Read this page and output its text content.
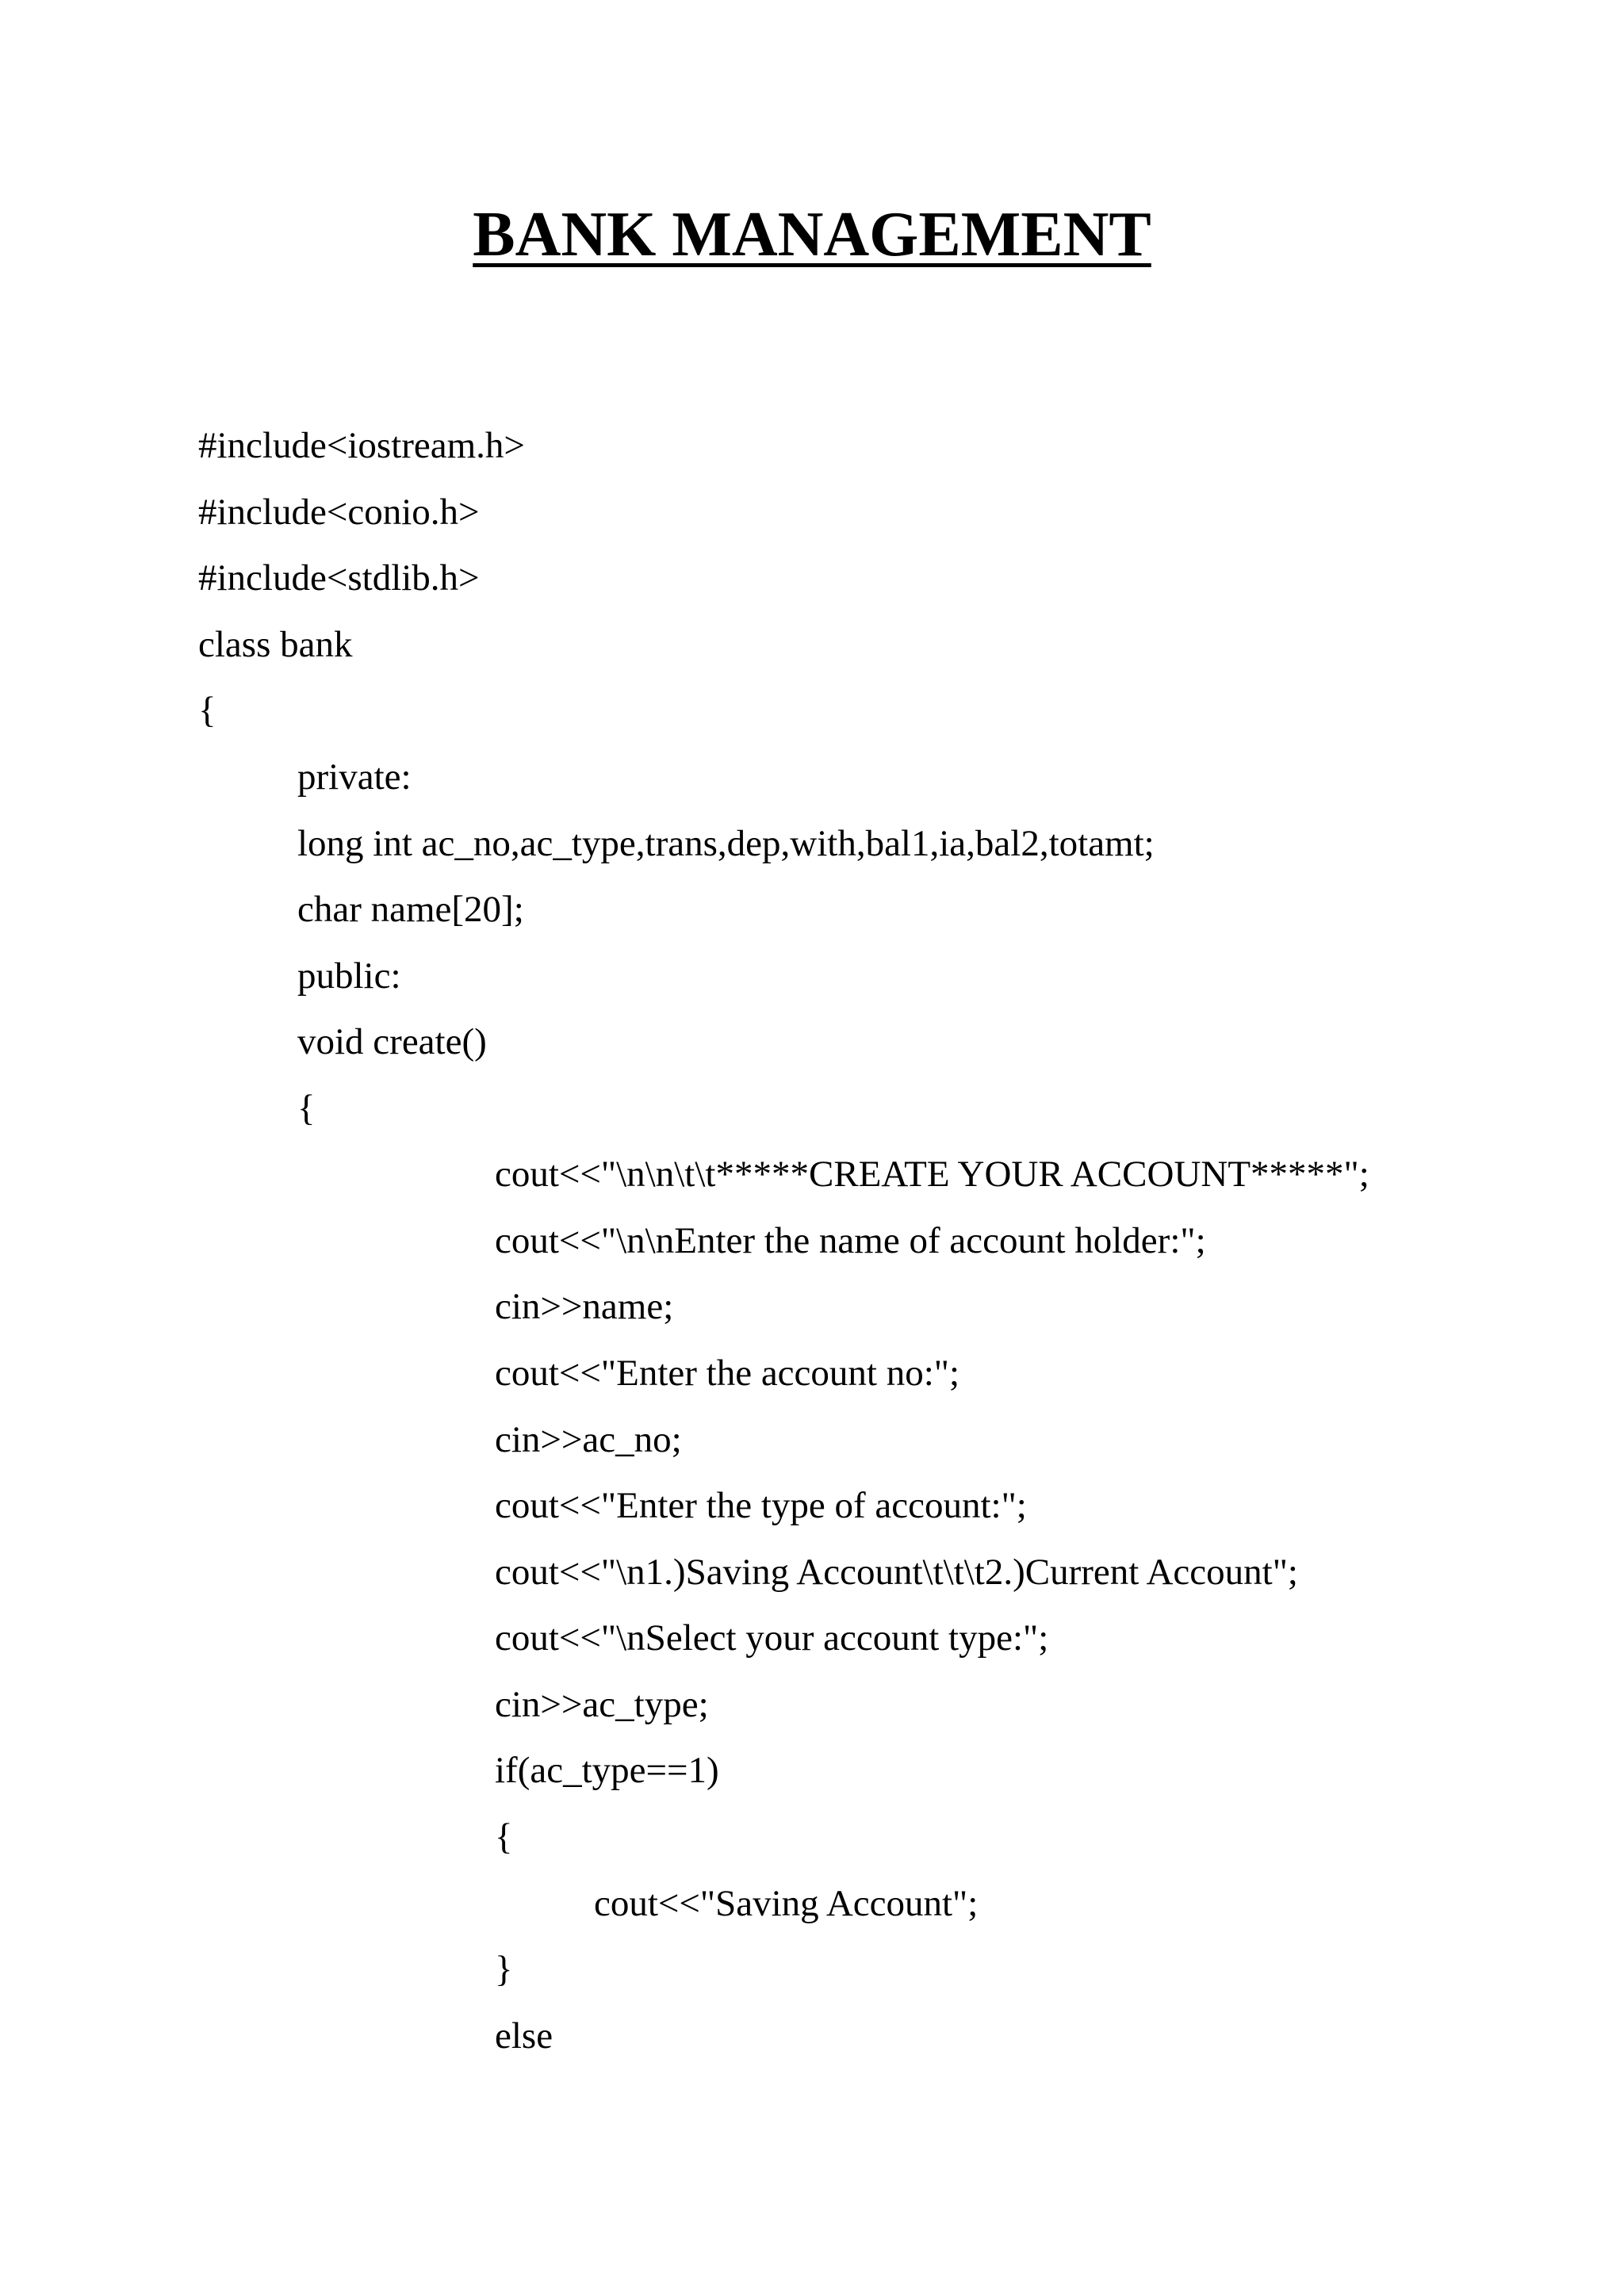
BANK MANAGEMENT
#include<iostream.h>
#include<conio.h>
#include<stdlib.h>
class bank
{
private:
long int ac_no,ac_type,trans,dep,with,bal1,ia,bal2,totamt;
char name[20];
public:
void create()
{
cout<<"\n\n\t\t*****CREATE YOUR ACCOUNT*****";
cout<<"\n\nEnter the name of account holder:";
cin>>name;
cout<<"Enter the account no:";
cin>>ac_no;
cout<<"Enter the type of account:";
cout<<"\n1.)Saving Account\t\t\t2.)Current Account";
cout<<"\nSelect your account type:";
cin>>ac_type;
if(ac_type==1)
{
cout<<"Saving Account";
}
else
